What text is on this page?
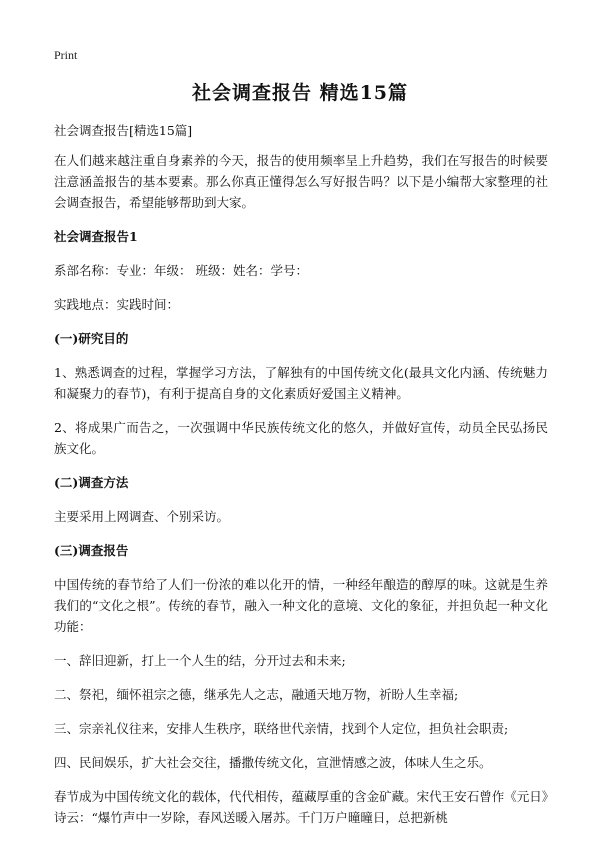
Print
社会调查报告 精选15篇

社会调查报告[精选15篇]

在人们越来越注重自身素养的今天，报告的使用频率呈上升趋势，我们在写报告的时候要注意涵盖报告的基本要素。那么你真正懂得怎么写好报告吗？以下是小编帮大家整理的社会调查报告，希望能够帮助到大家。

社会调查报告1

系部名称：专业：年级： 班级：姓名：学号：

实践地点：实践时间：

(一)研究目的

1、熟悉调查的过程，掌握学习方法，了解独有的中国传统文化(最具文化内涵、传统魅力和凝聚力的春节)，有利于提高自身的文化素质好爱国主义精神。

2、将成果广而告之，一次强调中华民族传统文化的悠久，并做好宣传，动员全民弘扬民族文化。

(二)调查方法

主要采用上网调查、个别采访。

(三)调查报告

中国传统的春节给了人们一份浓的难以化开的情，一种经年酿造的醇厚的味。这就是生养我们的“文化之根”。传统的春节，融入一种文化的意境、文化的象征，并担负起一种文化功能：

一、辞旧迎新，打上一个人生的结，分开过去和未来;

二、祭祀，缅怀祖宗之德，继承先人之志，融通天地万物，祈盼人生幸福;

三、宗亲礼仪往来，安排人生秩序，联络世代亲情，找到个人定位，担负社会职责;

四、民间娱乐，扩大社会交往，播撒传统文化，宣泄情感之波，体味人生之乐。

春节成为中国传统文化的载体，代代相传，蕴藏厚重的含金矿藏。宋代王安石曾作《元日》诗云：“爆竹声中一岁除，春风送暖入屠苏。千门万户曈曈日，总把新桃
